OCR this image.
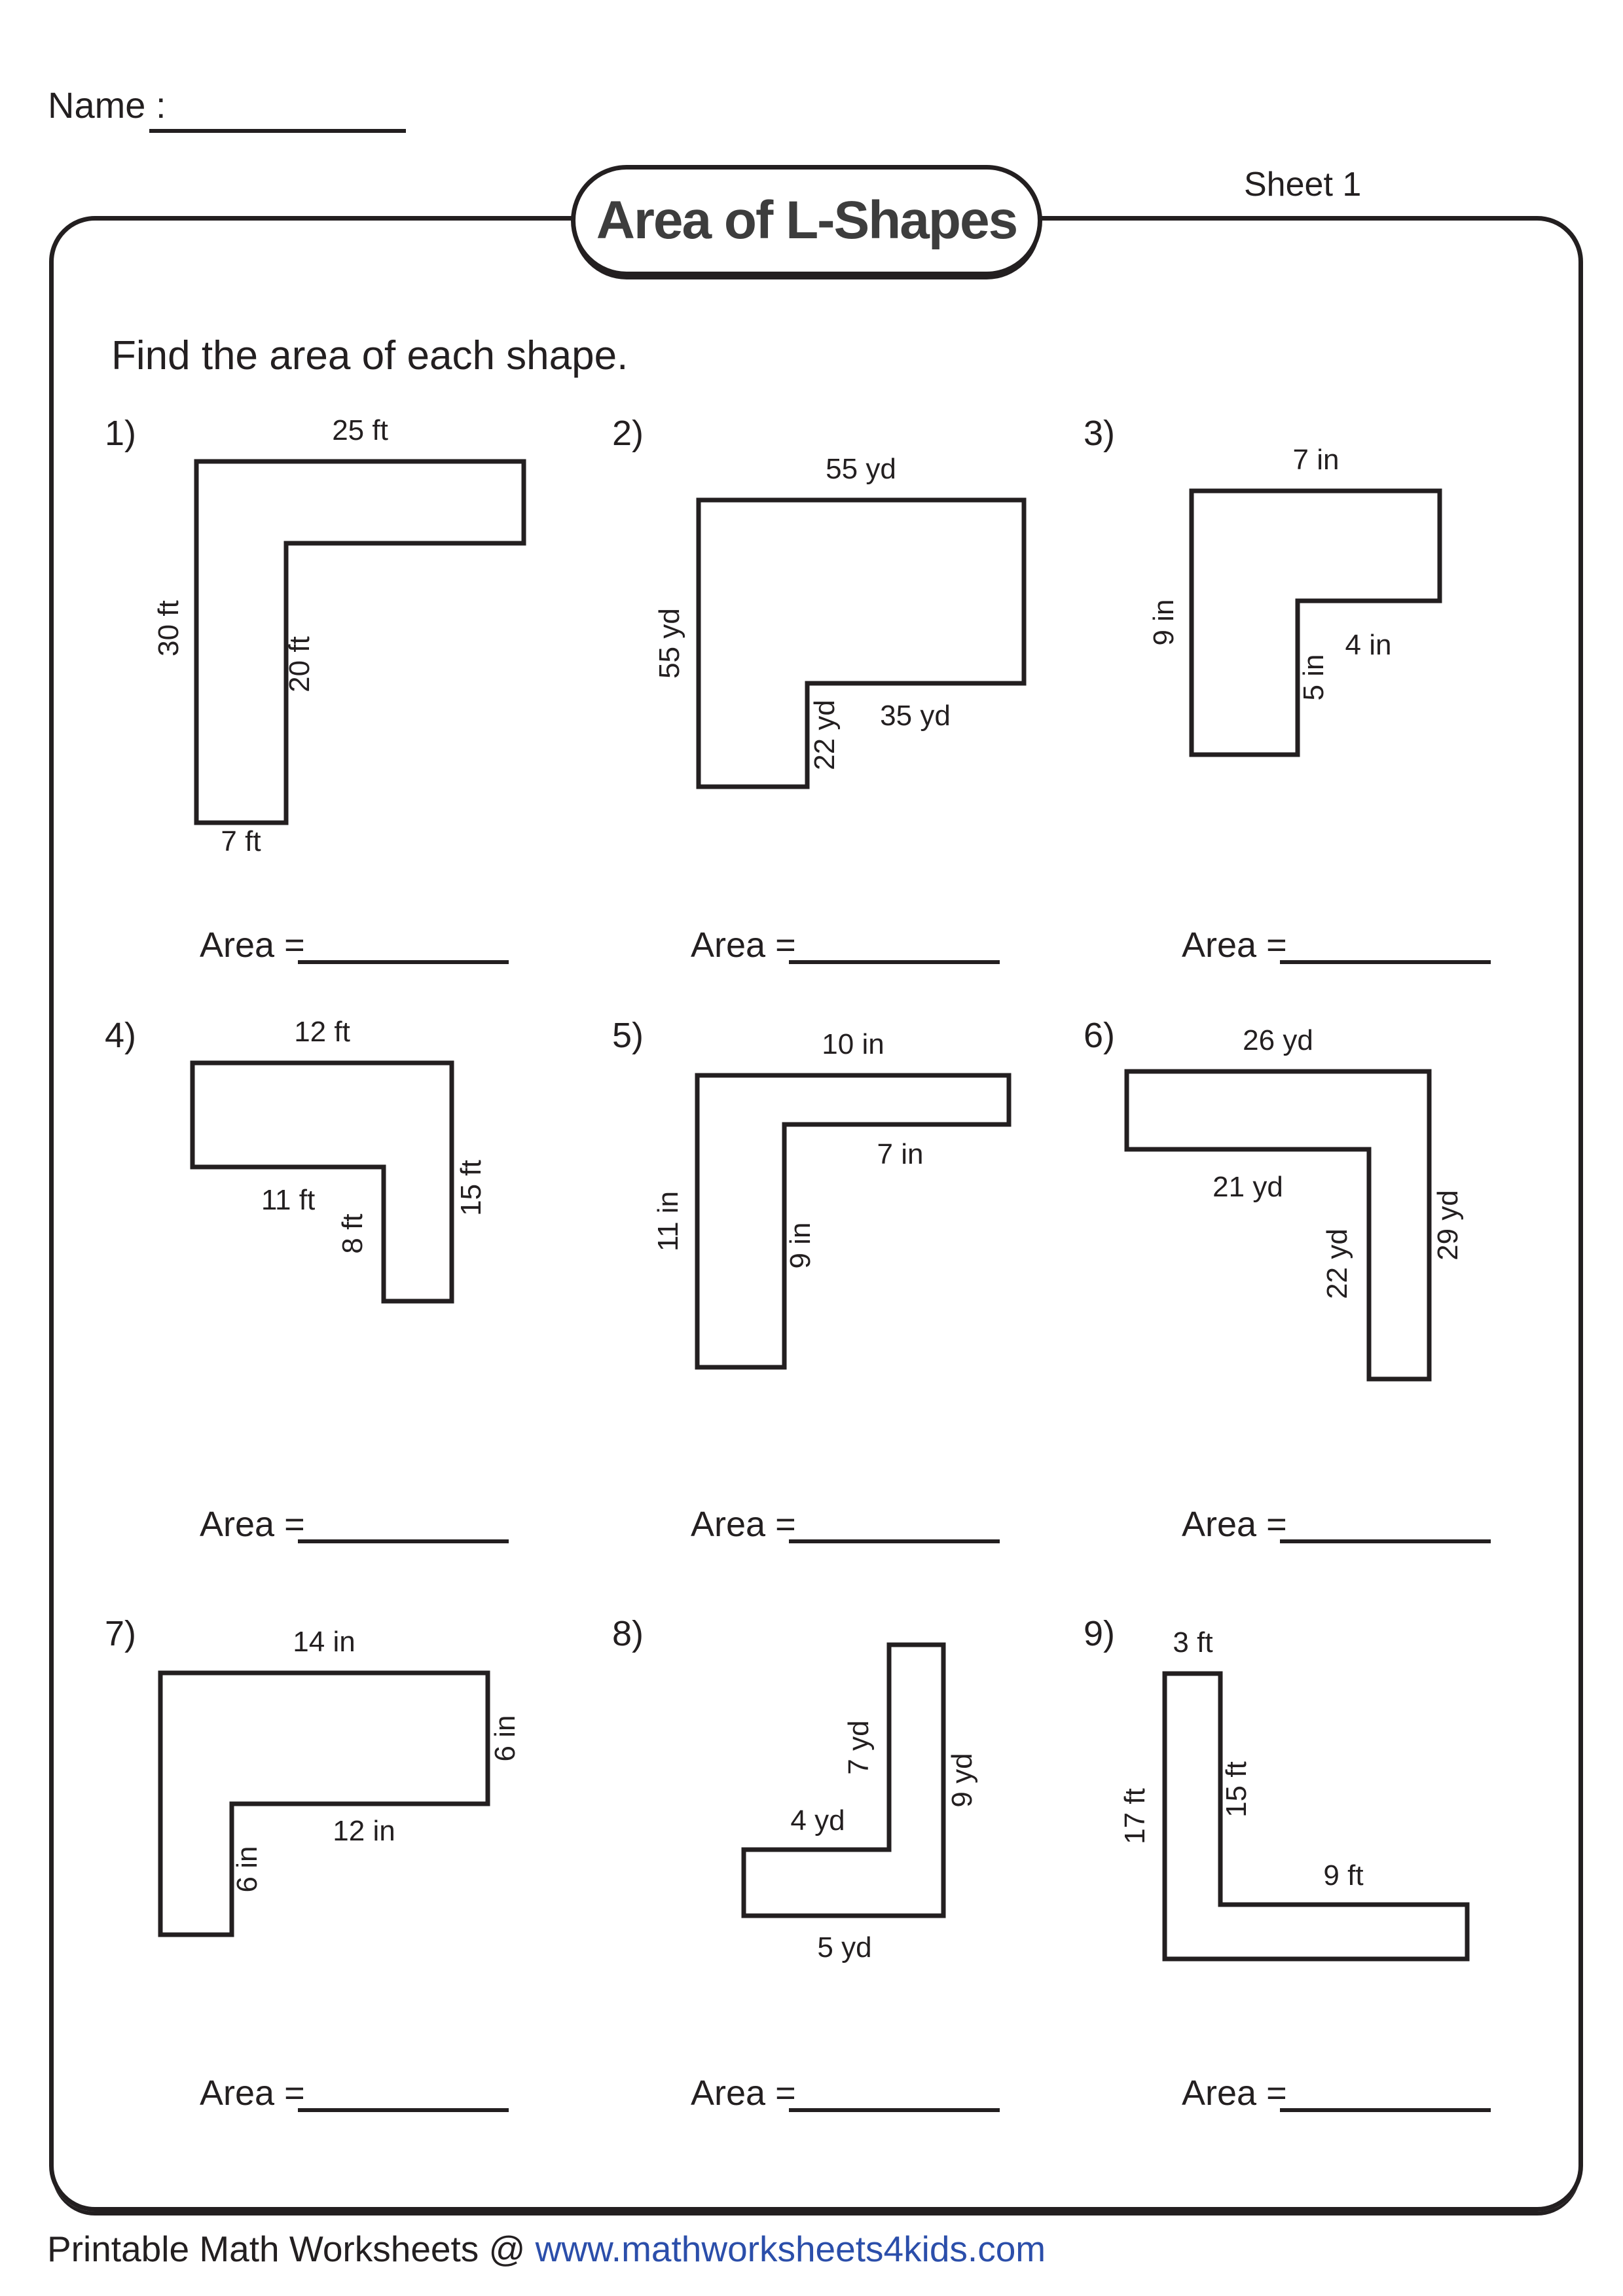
Name :
Area of L-Shapes
Sheet 1
Find the area of each shape.
1)	25 ft
30 ft
20 ft
7 ft
Area =
2)
55 yd
55 yd
35 yd
22 yd
Area =
3)
7 in
9 in	4 in
5 in
Area =
4)	12 ft
11 ft
8 ft
15 ft
Area =
5)	10 in
7 in
11 in	9 in
Area =
6)	26 yd
21 yd
22 yd
29 yd
Area =
7)	14 in
6 in
12 in
6 in
Area =
8)
7 yd
9 yd
4 yd
5 yd
Area =
9) 3 ft
17 ft 15 ft
9 ft
Area =
Printable Math Worksheets @ www.mathworksheets4kids.com
